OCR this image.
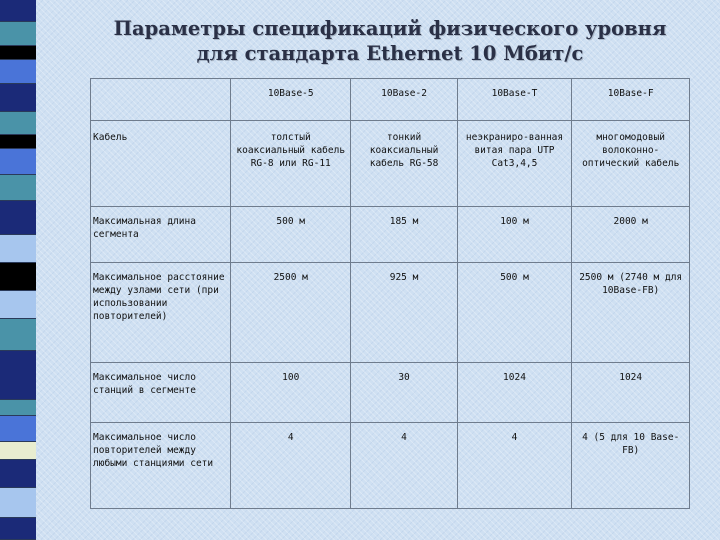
Параметры спецификаций физического уровня
для стандарта Ethernet 10 Мбит/с
	10Base-5	10Base-2	10Base-T	10Base-F
Кабель	толстый коаксиальный кабель RG-8 или RG-11	тонкий коаксиальный кабель RG-58	неэкраниро-ванная витая пара UTP Cat3,4,5	многомодовый волоконно-оптический кабель
Максимальная длина сегмента	500 м	185 м	100 м	2000 м
Максимальное расстояние между узлами сети (при использовании повторителей)	2500 м	925 м	500 м	2500 м (2740 м для 10Base-FB)
Максимальное число станций в сегменте	100	30	1024	1024
Максимальное число повторителей между любыми станциями сети	4	4	4	4 (5 для 10 Base-FB)
